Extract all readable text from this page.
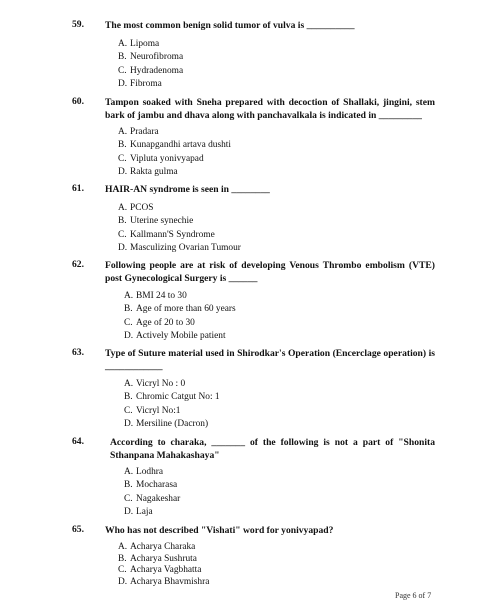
59. The most common benign solid tumor of vulva is __________
A. Lipoma
B. Neurofibroma
C. Hydradenoma
D. Fibroma
60. Tampon soaked with Sneha prepared with decoction of Shallaki, jingini, stem bark of jambu and dhava along with panchavalkala is indicated in _________
A. Pradara
B. Kunapgandhi artava dushti
C. Vipluta yonivyapad
D. Rakta gulma
61. HAIR-AN syndrome is seen in ________
A. PCOS
B. Uterine synechie
C. Kallmann'S Syndrome
D. Masculizing Ovarian Tumour
62. Following people are at risk of developing Venous Thrombo embolism (VTE) post Gynecological Surgery is ______
A. BMI 24 to 30
B. Age of more than 60 years
C. Age of 20 to 30
D. Actively Mobile patient
63. Type of Suture material used in Shirodkar's Operation (Encerclage operation) is ____________
A. Vicryl No : 0
B. Chromic Catgut No: 1
C. Vicryl No:1
D. Mersiline (Dacron)
64.	According to charaka, _______ of the following is not a part of "Shonita Sthanpana Mahakashaya"
A. Lodhra
B. Mocharasa
C. Nagakeshar
D. Laja
65. Who has not described "Vishati" word for yonivyapad?
A. Acharya Charaka
B. Acharya Sushruta
C. Acharya Vagbhatta
D. Acharya Bhavmishra
Page 6 of 7
